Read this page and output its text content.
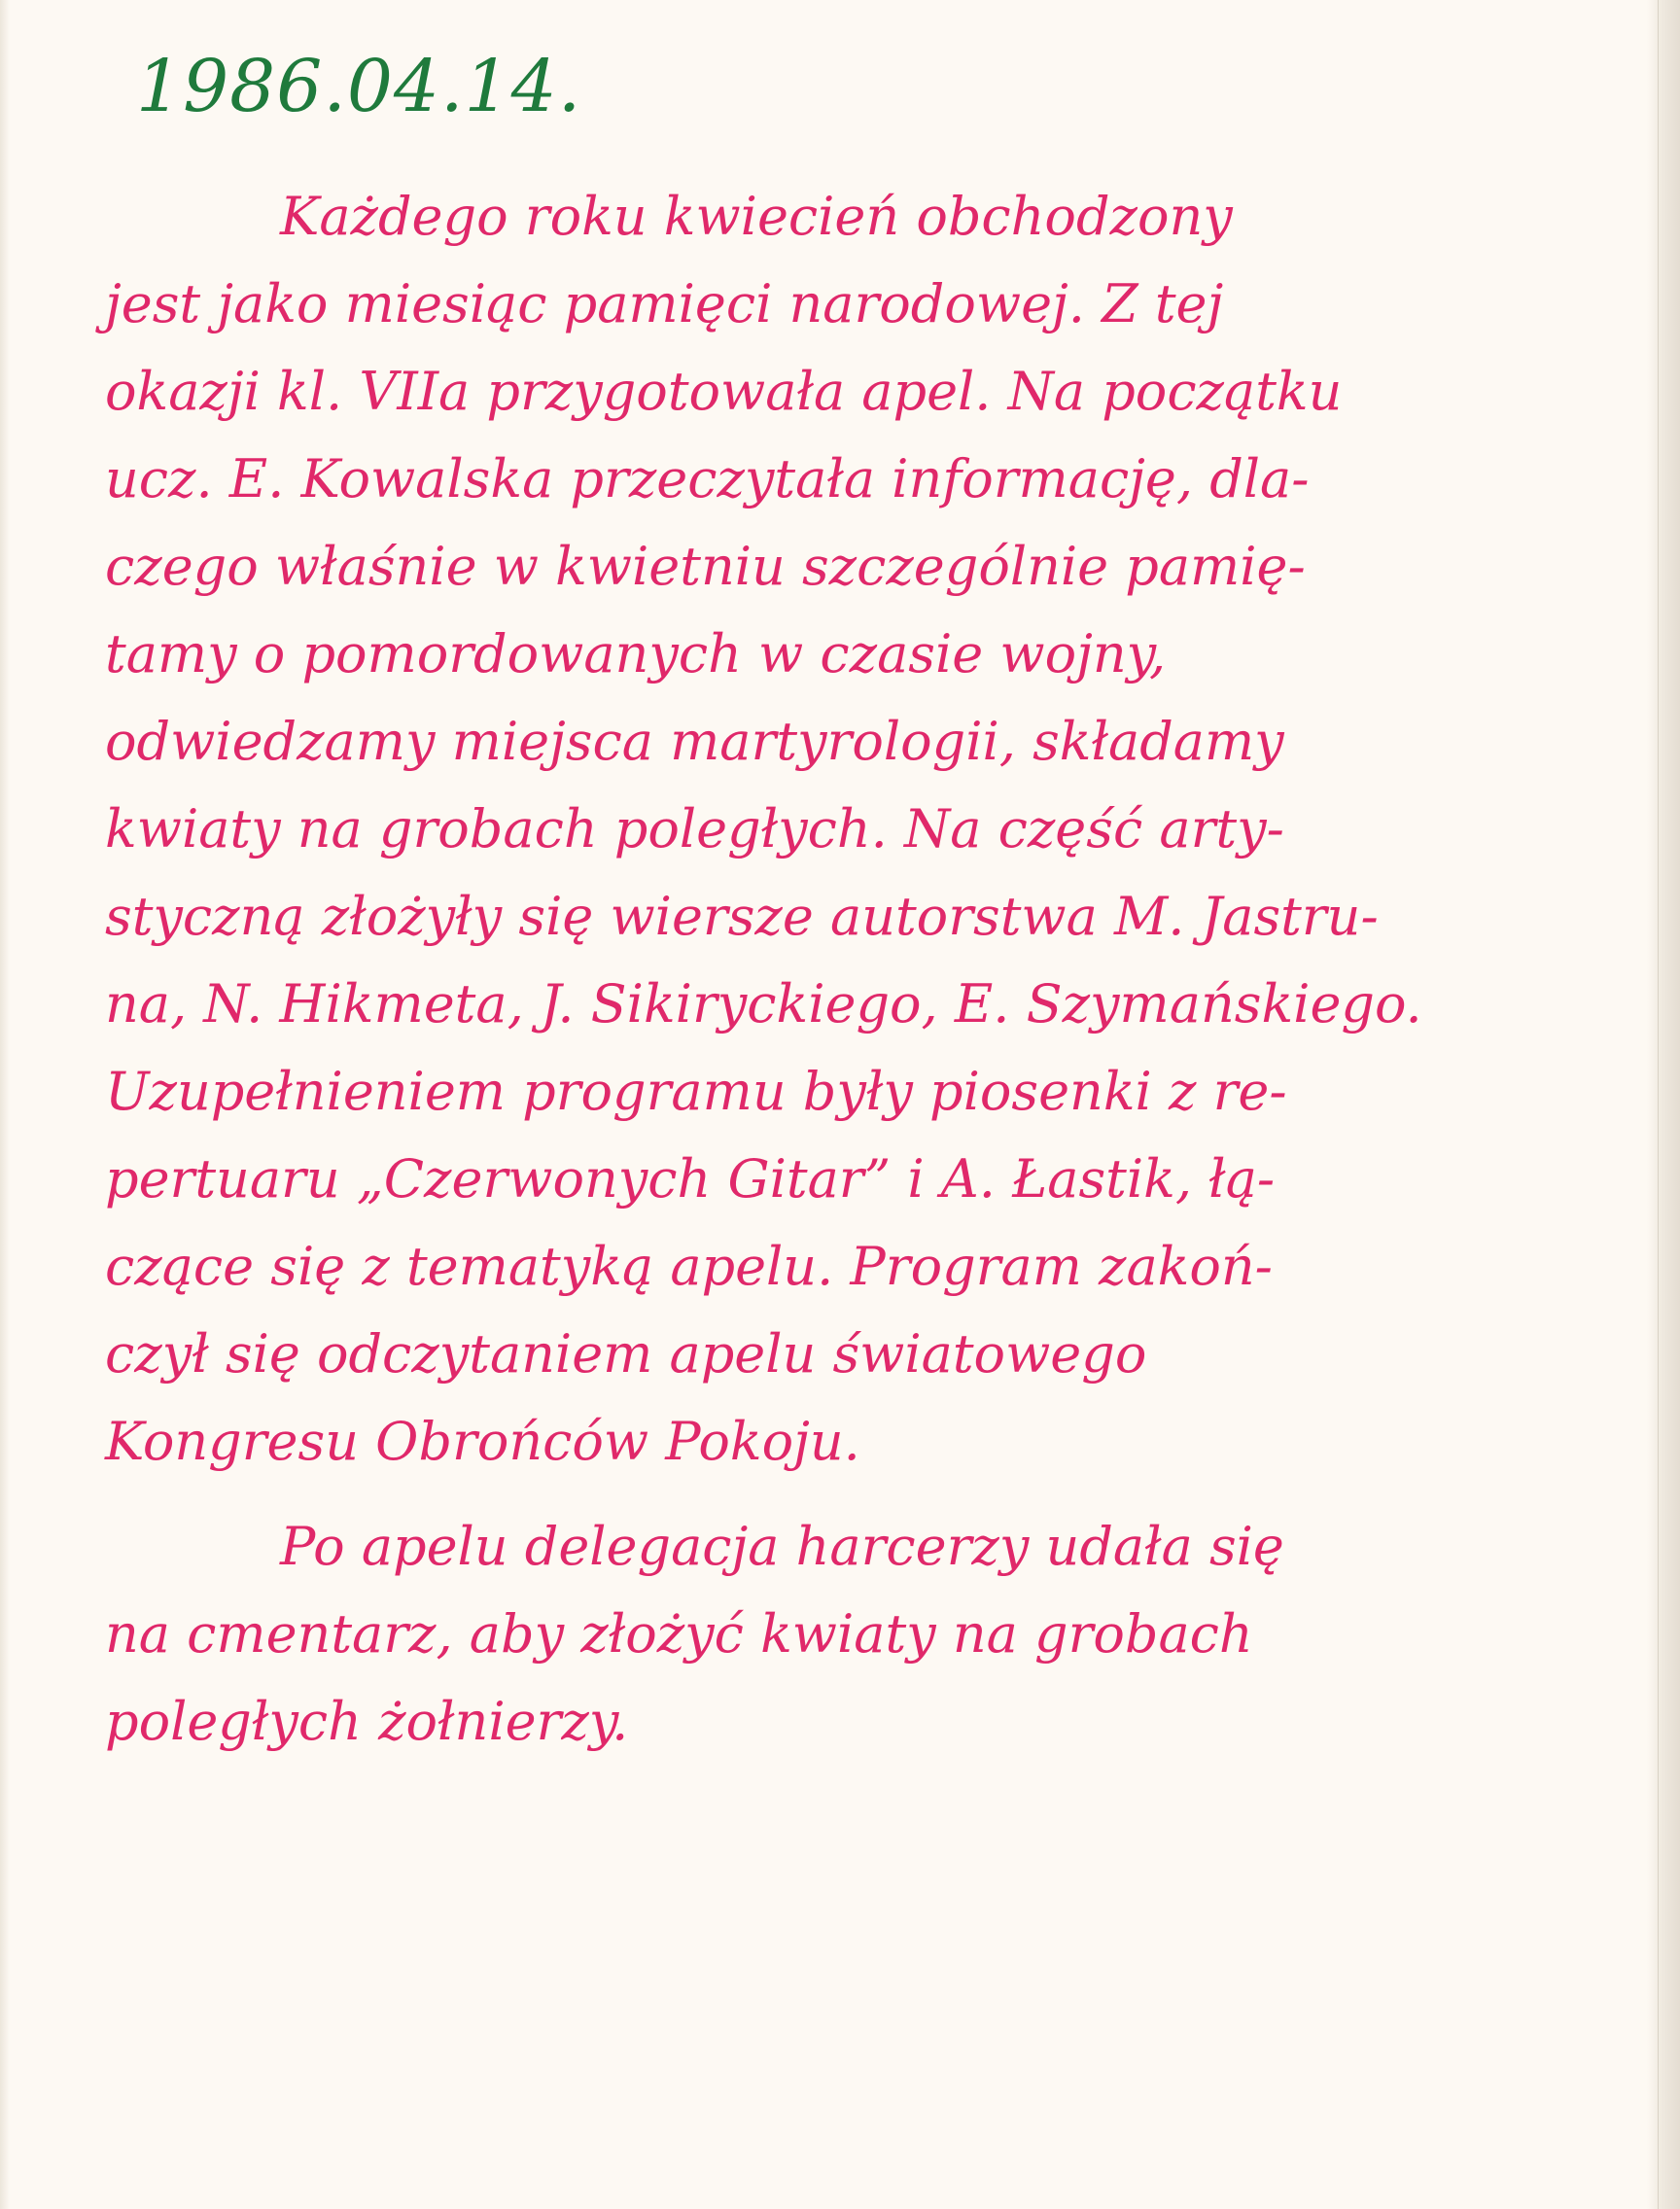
1986.04.14.
Każdego roku kwiecień obchodzony
jest jako miesiąc pamięci narodowej. Z tej
okazji kl. VIIa przygotowała apel. Na początku
ucz. E. Kowalska przeczytała informację, dla-
czego właśnie w kwietniu szczególnie pamię-
tamy o pomordowanych w czasie wojny,
odwiedzamy miejsca martyrologii, składamy
kwiaty na grobach poległych. Na część arty-
styczną złożyły się wiersze autorstwa M. Jastru-
na, N. Hikmeta, J. Sikiryckiego, E. Szymańskiego.
Uzupełnieniem programu były piosenki z re-
pertuaru „Czerwonych Gitar” i A. Łastik, łą-
czące się z tematyką apelu. Program zakoń-
czył się odczytaniem apelu światowego
Kongresu Obrońców Pokoju.
Po apelu delegacja harcerzy udała się
na cmentarz, aby złożyć kwiaty na grobach
poległych żołnierzy.
